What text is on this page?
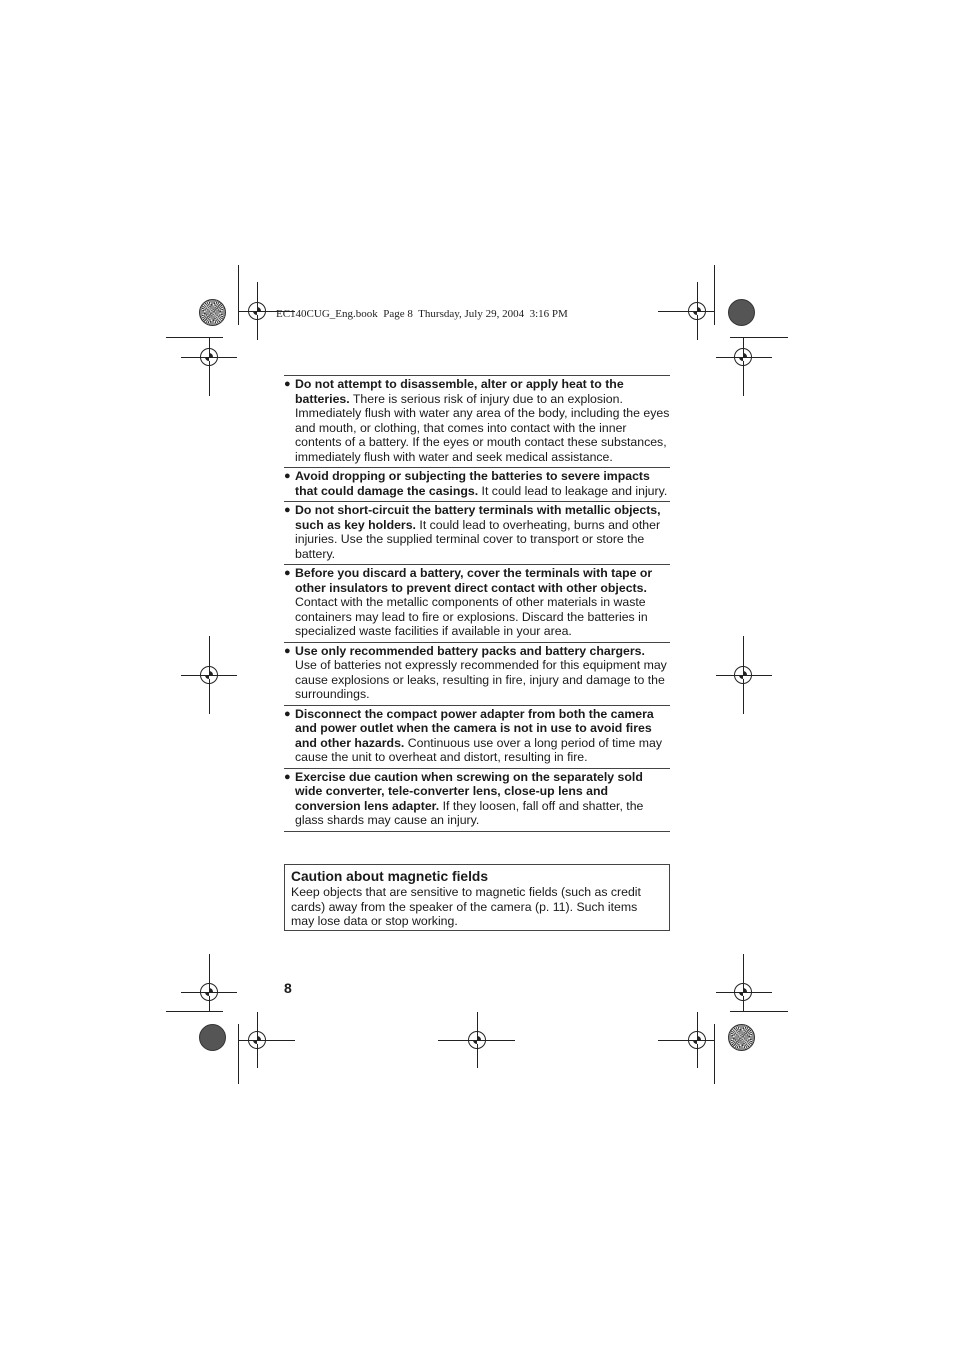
EC140CUG_Eng.book  Page 8  Thursday, July 29, 2004  3:16 PM
● Do not attempt to disassemble, alter or apply heat to the batteries. There is serious risk of injury due to an explosion. Immediately flush with water any area of the body, including the eyes and mouth, or clothing, that comes into contact with the inner contents of a battery. If the eyes or mouth contact these substances, immediately flush with water and seek medical assistance.
● Avoid dropping or subjecting the batteries to severe impacts that could damage the casings. It could lead to leakage and injury.
● Do not short-circuit the battery terminals with metallic objects, such as key holders. It could lead to overheating, burns and other injuries. Use the supplied terminal cover to transport or store the battery.
● Before you discard a battery, cover the terminals with tape or other insulators to prevent direct contact with other objects. Contact with the metallic components of other materials in waste containers may lead to fire or explosions. Discard the batteries in specialized waste facilities if available in your area.
● Use only recommended battery packs and battery chargers. Use of batteries not expressly recommended for this equipment may cause explosions or leaks, resulting in fire, injury and damage to the surroundings.
● Disconnect the compact power adapter from both the camera and power outlet when the camera is not in use to avoid fires and other hazards. Continuous use over a long period of time may cause the unit to overheat and distort, resulting in fire.
● Exercise due caution when screwing on the separately sold wide converter, tele-converter lens, close-up lens and conversion lens adapter. If they loosen, fall off and shatter, the glass shards may cause an injury.
Caution about magnetic fields
Keep objects that are sensitive to magnetic fields (such as credit cards) away from the speaker of the camera (p. 11). Such items may lose data or stop working.
8
